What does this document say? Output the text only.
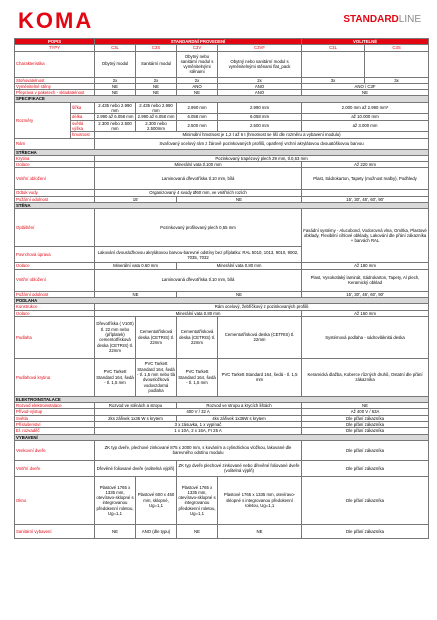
KOMA	STANDARDLINE
POPIS		STANDARDNÍ PROVEDENÍ				VOLITELNÉ	
TYPY		C3L	C3S	C3V	C3VF	C3L	C3S
Charakteristika		Obytný modul	Sanitární modul	Obytný nebo sanitární modul s vyměnitelnými stěnami	Obytný nebo sanitární modul s vyměnitelnými stěnami flat_pack		
Stohovatelnost		2x	2x	2x	2x	3x	3x
Vyměnitelné stěny		NE	NE	ANO	ANO	ANO / C3F	
Přeprava v paketech - skladatelnost		NE	NE	NE	ANO	NE	
SPECIFIKACE							
Rozměry	šířka	2.435 nebo 2.990 mm	2.435 nebo 2.990 mm	2.990 mm	2.990 mm	2.000 mm až 2.990 mm*	
	délka	2.990 až 6.058 mm	2.990 až 6.058 mm	6.058 mm	6.058 mm	až 10.000 mm	
	světlá výška	2.300 nebo 2.500 mm	2.300 nebo 2.500mm	2.500 mm	2.500 mm	až 3.000 mm	
	hmotnost	Minimální hmotnost je 1,2 t až 6 t (hmotnost se liší dle rozměru a vybavení modulu)					
Rám		Svařovaný ocelový rám z žárově pozinkovaných profilů, opatřený vrchní akrylátovou dvouatóškovou barvou					
STŘECHA							
Krytina		Pozinkovaný trapézový plech 29 mm, tl.0,63 mm					
Izolace		Minerální vata tl.100 mm				Až 220 mm	
Vnitřní obložení		Laminovaná dřevotříska tl.10 mm, bílá				Plast, Sádrokarton, Tapety (možnost malby), Podhledy	
Odtok vody		Organizovaný 4 svody Ø60 mm, ve vnitřních rozích					
Požární odolnost		15'		NE		15', 30', 45', 60', 90'	
STĚNA							
Opláštění		Pozinkovaný profilovaný plech 0,55 mm				Fasádní systémy - Alucobond, Vodorovná vlna, Omítka, Plastové obklady, Flexibilní cihlové obklady, Lakování dle přání zákazníka + barvách RAL	
Povrchová úprava		Lakování dvousložkovou akrylátovou barvou-barevné odstíny bez příplatku: RAL 5010, 1013, 9010, 9002, 7035, 7032					
Izolace		Minerální vata 0.60 mm		Minerální vata 0.80 mm		Až 180 mm	
Vnitřní obložení		Laminovaná dřevotříska tl.10 mm, bílá				Plast, Vysokotlaký laminát, Sádrokarton, Tapety, Al plech, Keramický obklad	
Požární odolnost		NE		NE		15', 30', 45', 60', 90'	
PODLAHA							
Konstrukce		Rám ocelový, žebříčkový z pozinkovaných profilů					
Izolace		Minerální vata 0.80 mm				Až 160 mm	
Podlaha		Dřevotříska ( V100) tl. 22 mm nebo (příplatek) cementotřísková deska (CETRIS) tl. 22mm	Cementotřísková deska (CETRIS) tl. 22mm	Cementotřísková deska (CETRIS) tl. 22mm	Cementotřísková deska (CETRIS) tl. 22mm	Systémová podlaha - sádrovláknitá deska	
Podlahová krytina		PVC Tarkett Standard 164, šedá - tl. 1,5 mm	PVC Tarkett Standard 164, šedá - tl. 1,5 mm nebo tlá dvousložková vodovzdorná podlaha	PVC Tarkett Standard 164, šedá - tl. 1,5 mm	PVC Tarkett Standard 164, šedá - tl. 1,5 mm	Keramická dlažba, Koberce různých druhů, Ostatní dle přání zákazníka	
ELEKTROINSTALACE							
Rozvod elektroinstalace		Rozvod ve stěnách a stropu		Rozvod ve stropu a krycích lištách		NE	
Přívod-výstup		400 V / 32 A				Až 400 V / 63A	
Světla		2ks zářivek 1x36 W s krytem		4ks zářivek 1x36W s krytem		Dle přání zákazníka	
Příslušenství		3 x zásuvka, 1 x vypínač				Dle přání zákazníka	
El. rozvaděč		1 x 10A, 2 x 16A, FI 25 A				Dle přání zákazníka	
VYBAVENÍ							
Venkovní dveře		ZK typ dveře, plechové zinkované 875 x 2000 mm, s kováním a cylindrickou vložkou, lakované dle barevného odstínu modulu				Dle přání zákazníka	
Vnitřní dveře		Dřevěné foliované dveře (volitelná výplň)		ZK typ dveře plechové zinkované nebo dřevěné foliované dveře (volitelná výplň)		Dle přání zákazníka	
Okno		Plastové 1765 x 1335 mm, otevíravo-sklopné s integrovanou předokenní roletou, Ug=1,1	Plastové 600 x 450 mm, sklopné, Ug=1,1	Plastové 1765 x 1335 mm, otevíravo-sklopné s integrovanou předokenní roletou, Ug=1,1	Plastové 1765 x 1335 mm, otevíravo-sklopné s integrovanou předokenní roletou, Ug=1,1	Dle přání zákazníka	
Sanitární vybavení		NE	ANO (dle typu)	NE	NE	Dle přání zákazníka	
